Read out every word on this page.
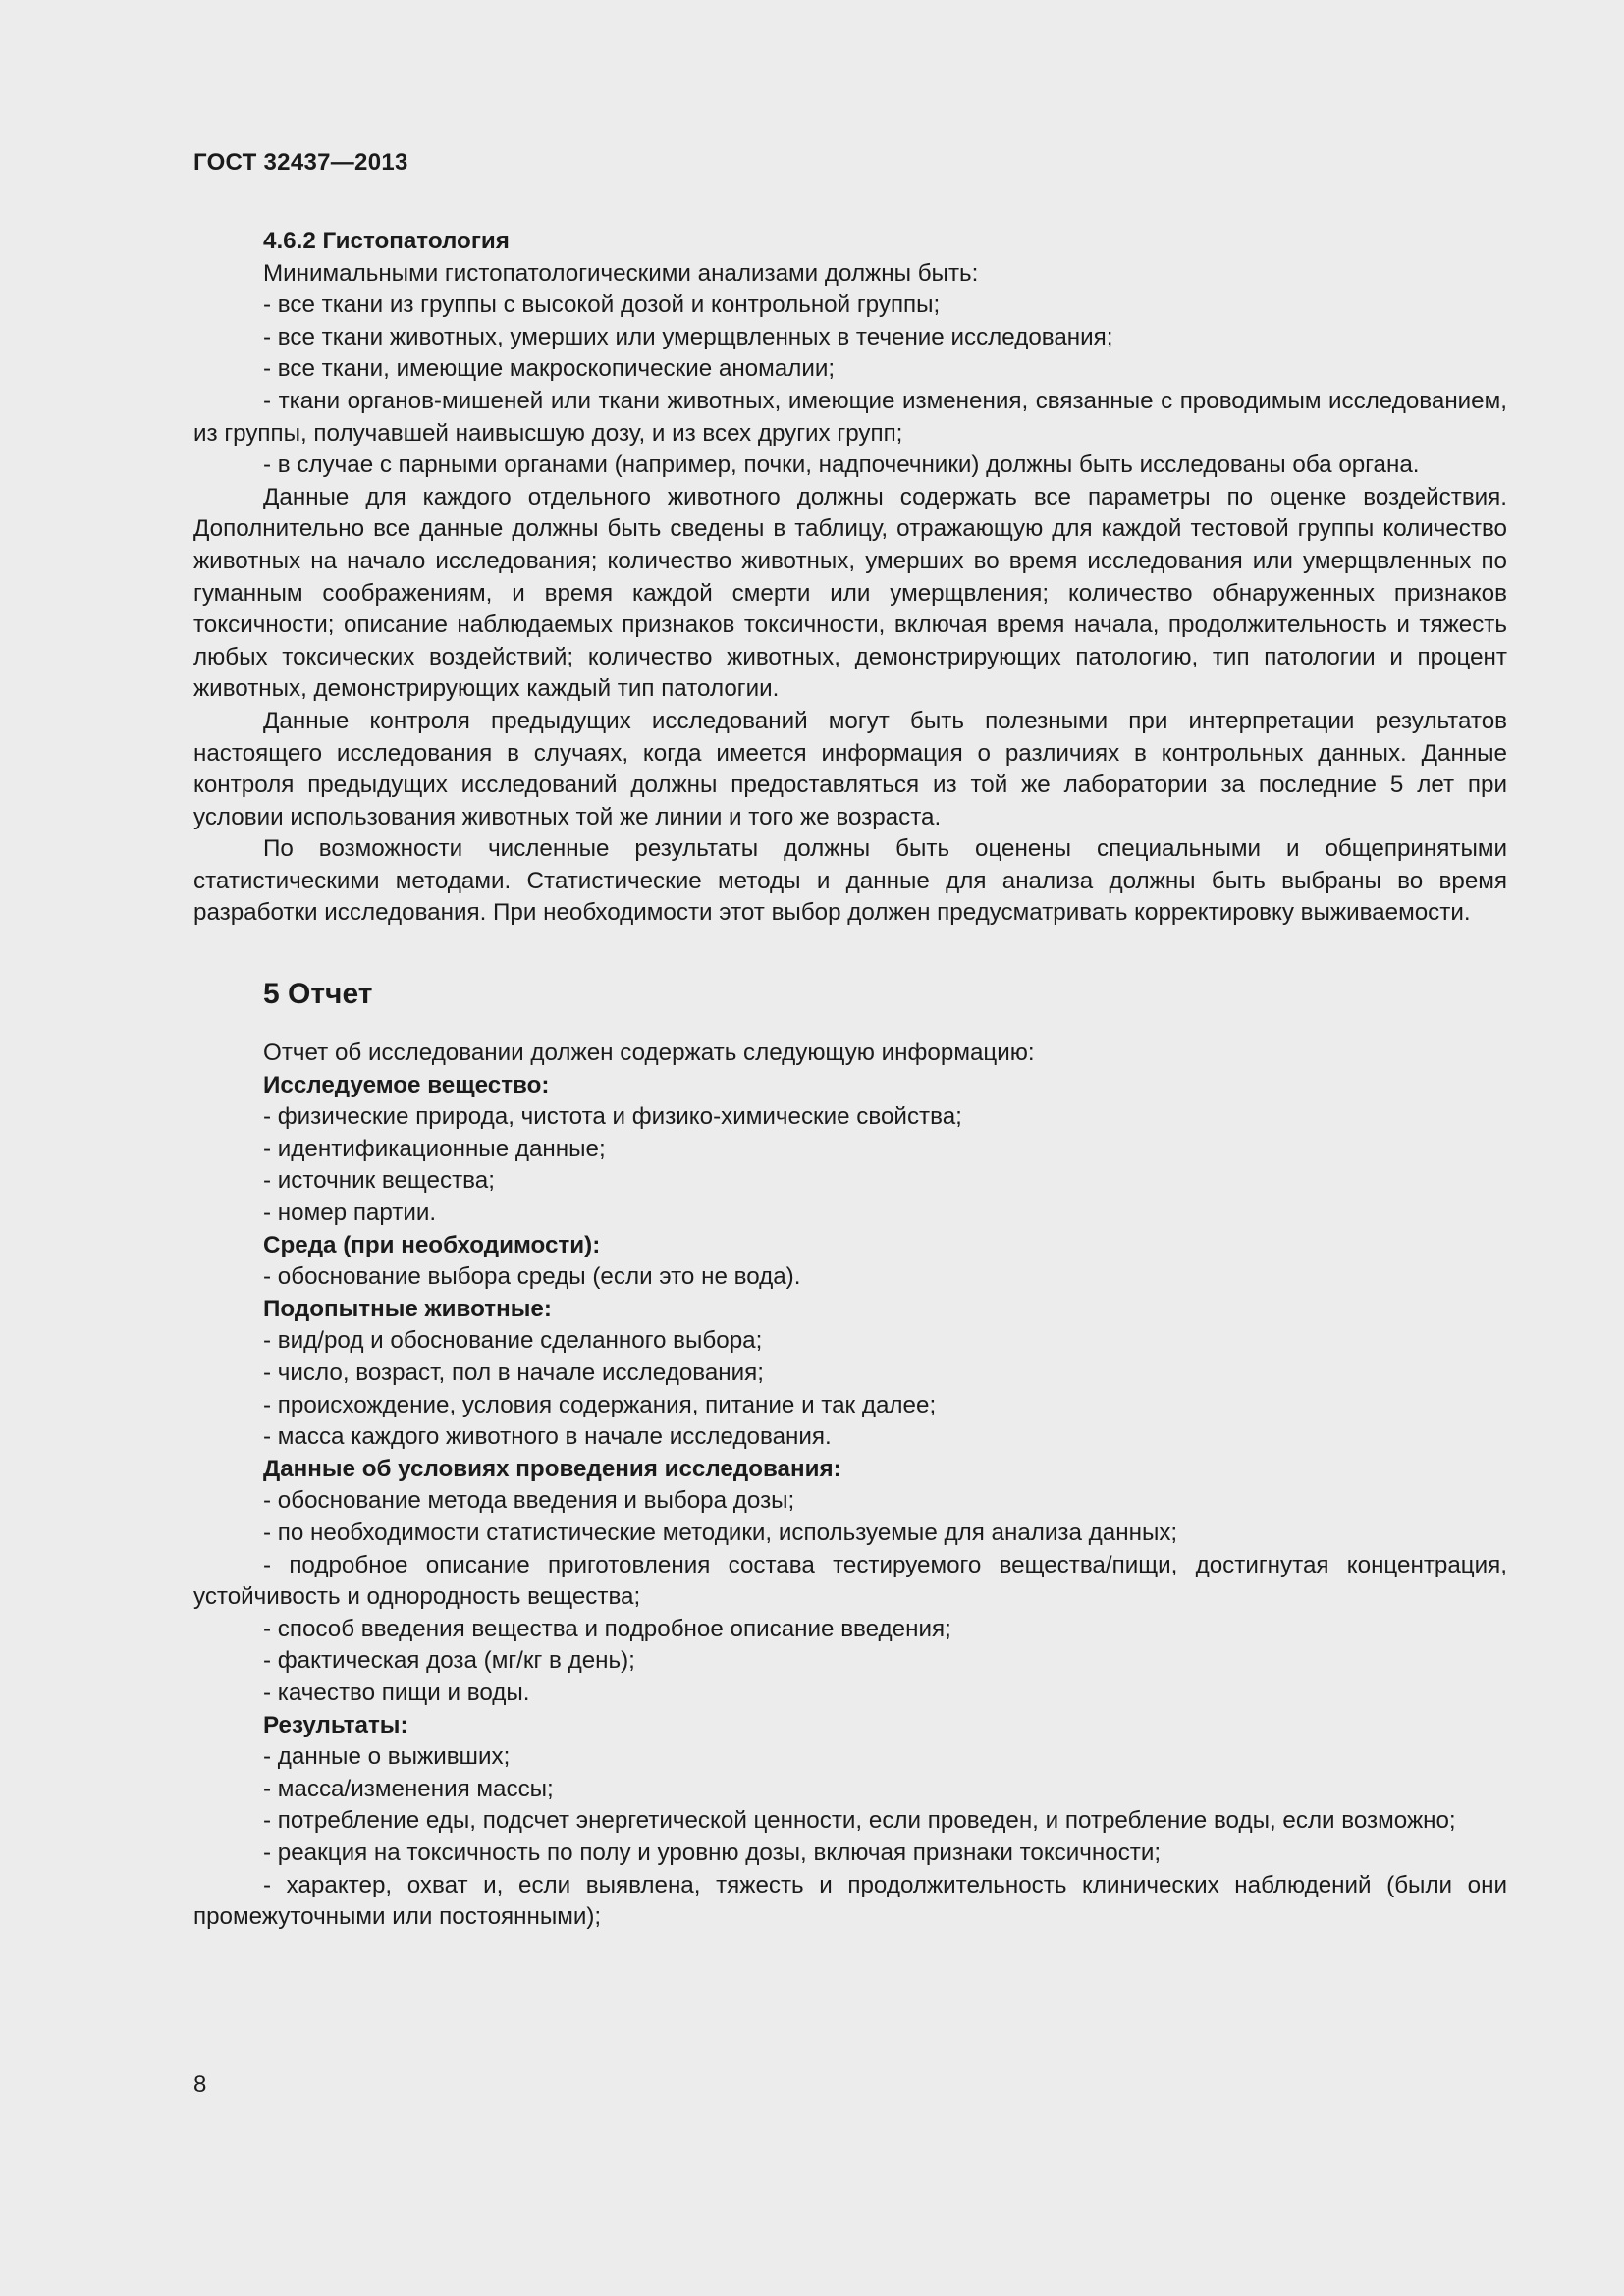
ГОСТ 32437—2013

4.6.2 Гистопатология

Минимальными гистопатологическими анализами должны быть:

- все ткани из группы с высокой дозой и контрольной группы;

- все ткани животных, умерших или умерщвленных в течение исследования;

- все ткани, имеющие макроскопические аномалии;

- ткани органов-мишеней или ткани животных, имеющие изменения, связанные с проводимым исследованием, из группы, получавшей наивысшую дозу, и из всех других групп;

- в случае с парными органами (например, почки, надпочечники) должны быть исследованы оба органа.

Данные для каждого отдельного животного должны содержать все параметры по оценке воздействия. Дополнительно все данные должны быть сведены в таблицу, отражающую для каждой тестовой группы количество животных на начало исследования; количество животных, умерших во время исследования или умерщвленных по гуманным соображениям, и время каждой смерти или умерщвления; количество обнаруженных признаков токсичности; описание наблюдаемых признаков токсичности, включая время начала, продолжительность и тяжесть любых токсических воздействий; количество животных, демонстрирующих патологию, тип патологии и процент животных, демонстрирующих каждый тип патологии.

Данные контроля предыдущих исследований могут быть полезными при интерпретации результатов настоящего исследования в случаях, когда имеется информация о различиях в контрольных данных. Данные контроля предыдущих исследований должны предоставляться из той же лаборатории за последние 5 лет при условии использования животных той же линии и того же возраста.

По возможности численные результаты должны быть оценены специальными и общепринятыми статистическими методами. Статистические методы и данные для анализа должны быть выбраны во время разработки исследования. При необходимости этот выбор должен предусматривать корректировку выживаемости.

5 Отчет

Отчет об исследовании должен содержать следующую информацию:

Исследуемое вещество:

- физические природа, чистота и физико-химические свойства;

- идентификационные данные;

- источник вещества;

- номер партии.

Среда (при необходимости):

- обоснование выбора среды (если это не вода).

Подопытные животные:

- вид/род и обоснование сделанного выбора;

- число, возраст, пол в начале исследования;

- происхождение, условия содержания, питание и так далее;

- масса каждого животного в начале исследования.

Данные об условиях проведения исследования:

- обоснование метода введения и выбора дозы;

- по необходимости статистические методики, используемые для анализа данных;

- подробное описание приготовления состава тестируемого вещества/пищи, достигнутая концентрация, устойчивость и однородность вещества;

- способ введения вещества и подробное описание введения;

- фактическая доза (мг/кг в день);

- качество пищи и воды.

Результаты:

- данные о выживших;

- масса/изменения массы;

- потребление еды, подсчет энергетической ценности, если проведен, и потребление воды, если возможно;

- реакция на токсичность по полу и уровню дозы, включая признаки токсичности;

- характер, охват и, если выявлена, тяжесть и продолжительность клинических наблюдений (были они промежуточными или постоянными);

8
